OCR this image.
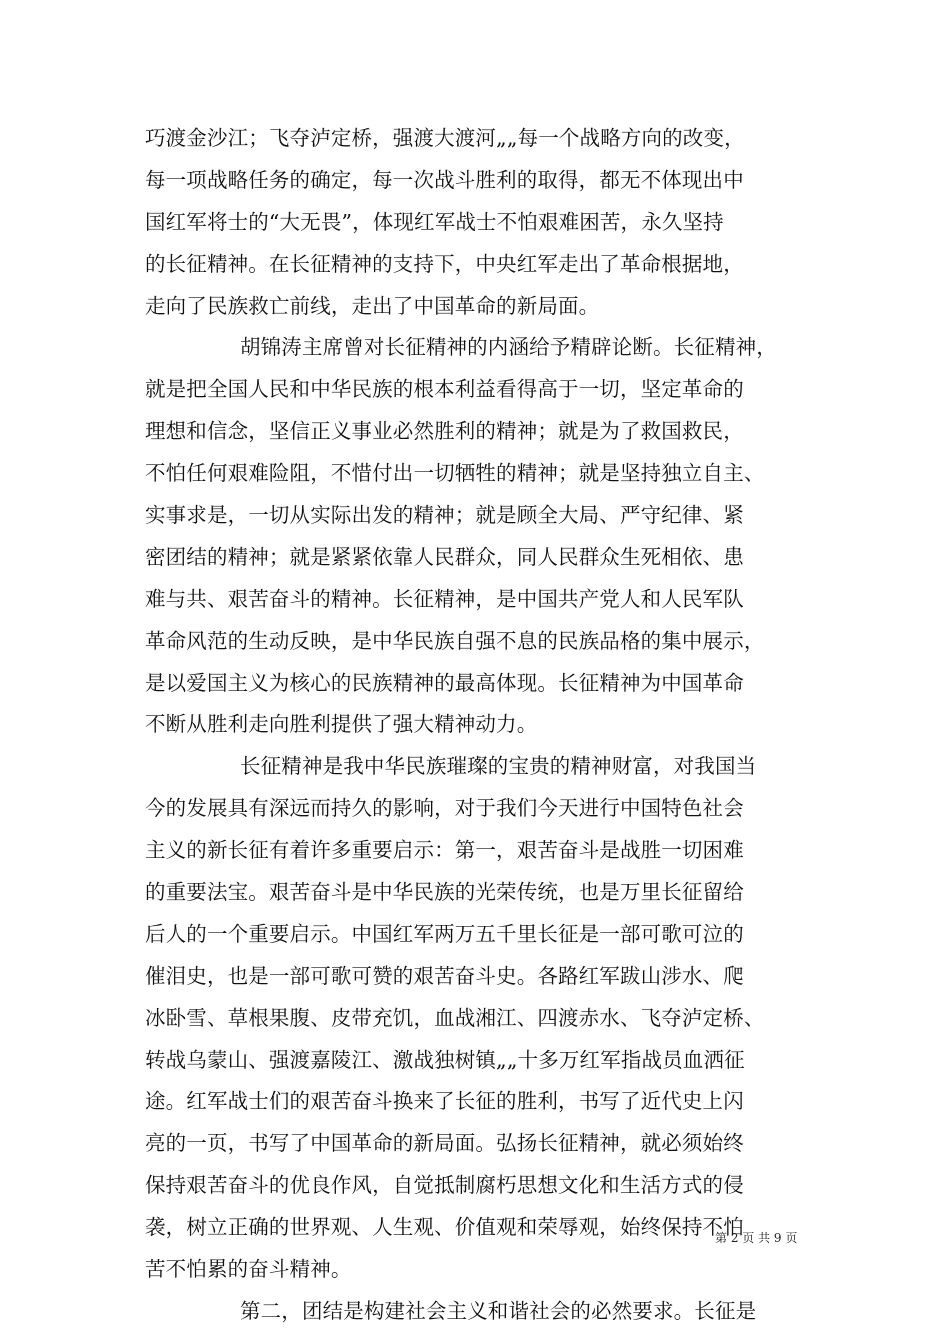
巧渡金沙江；飞夺泸定桥，强渡大渡河„„每一个战略方向的改变，
每一项战略任务的确定，每一次战斗胜利的取得，都无不体现出中
国红军将士的“大无畏”，体现红军战士不怕艰难困苦，永久坚持
的长征精神。在长征精神的支持下，中央红军走出了革命根据地，
走向了民族救亡前线，走出了中国革命的新局面。
胡锦涛主席曾对长征精神的内涵给予精辟论断。长征精神，
就是把全国人民和中华民族的根本利益看得高于一切，坚定革命的
理想和信念，坚信正义事业必然胜利的精神；就是为了救国救民，
不怕任何艰难险阻，不惜付出一切牺牲的精神；就是坚持独立自主、
实事求是，一切从实际出发的精神；就是顾全大局、严守纪律、紧
密团结的精神；就是紧紧依靠人民群众，同人民群众生死相依、患
难与共、艰苦奋斗的精神。长征精神，是中国共产党人和人民军队
革命风范的生动反映，是中华民族自强不息的民族品格的集中展示，
是以爱国主义为核心的民族精神的最高体现。长征精神为中国革命
不断从胜利走向胜利提供了强大精神动力。
长征精神是我中华民族璀璨的宝贵的精神财富，对我国当
今的发展具有深远而持久的影响，对于我们今天进行中国特色社会
主义的新长征有着许多重要启示：第一，艰苦奋斗是战胜一切困难
的重要法宝。艰苦奋斗是中华民族的光荣传统，也是万里长征留给
后人的一个重要启示。中国红军两万五千里长征是一部可歌可泣的
催泪史，也是一部可歌可赞的艰苦奋斗史。各路红军跋山涉水、爬
冰卧雪、草根果腹、皮带充饥，血战湘江、四渡赤水、飞夺泸定桥、
转战乌蒙山、强渡嘉陵江、激战独树镇„„十多万红军指战员血洒征
途。红军战士们的艰苦奋斗换来了长征的胜利，书写了近代史上闪
亮的一页，书写了中国革命的新局面。弘扬长征精神，就必须始终
保持艰苦奋斗的优良作风，自觉抵制腐朽思想文化和生活方式的侵
袭，树立正确的世界观、人生观、价值观和荣辱观，始终保持不怕
苦不怕累的奋斗精神。
第二，团结是构建社会主义和谐社会的必然要求。长征是
第 2 页 共 9 页
